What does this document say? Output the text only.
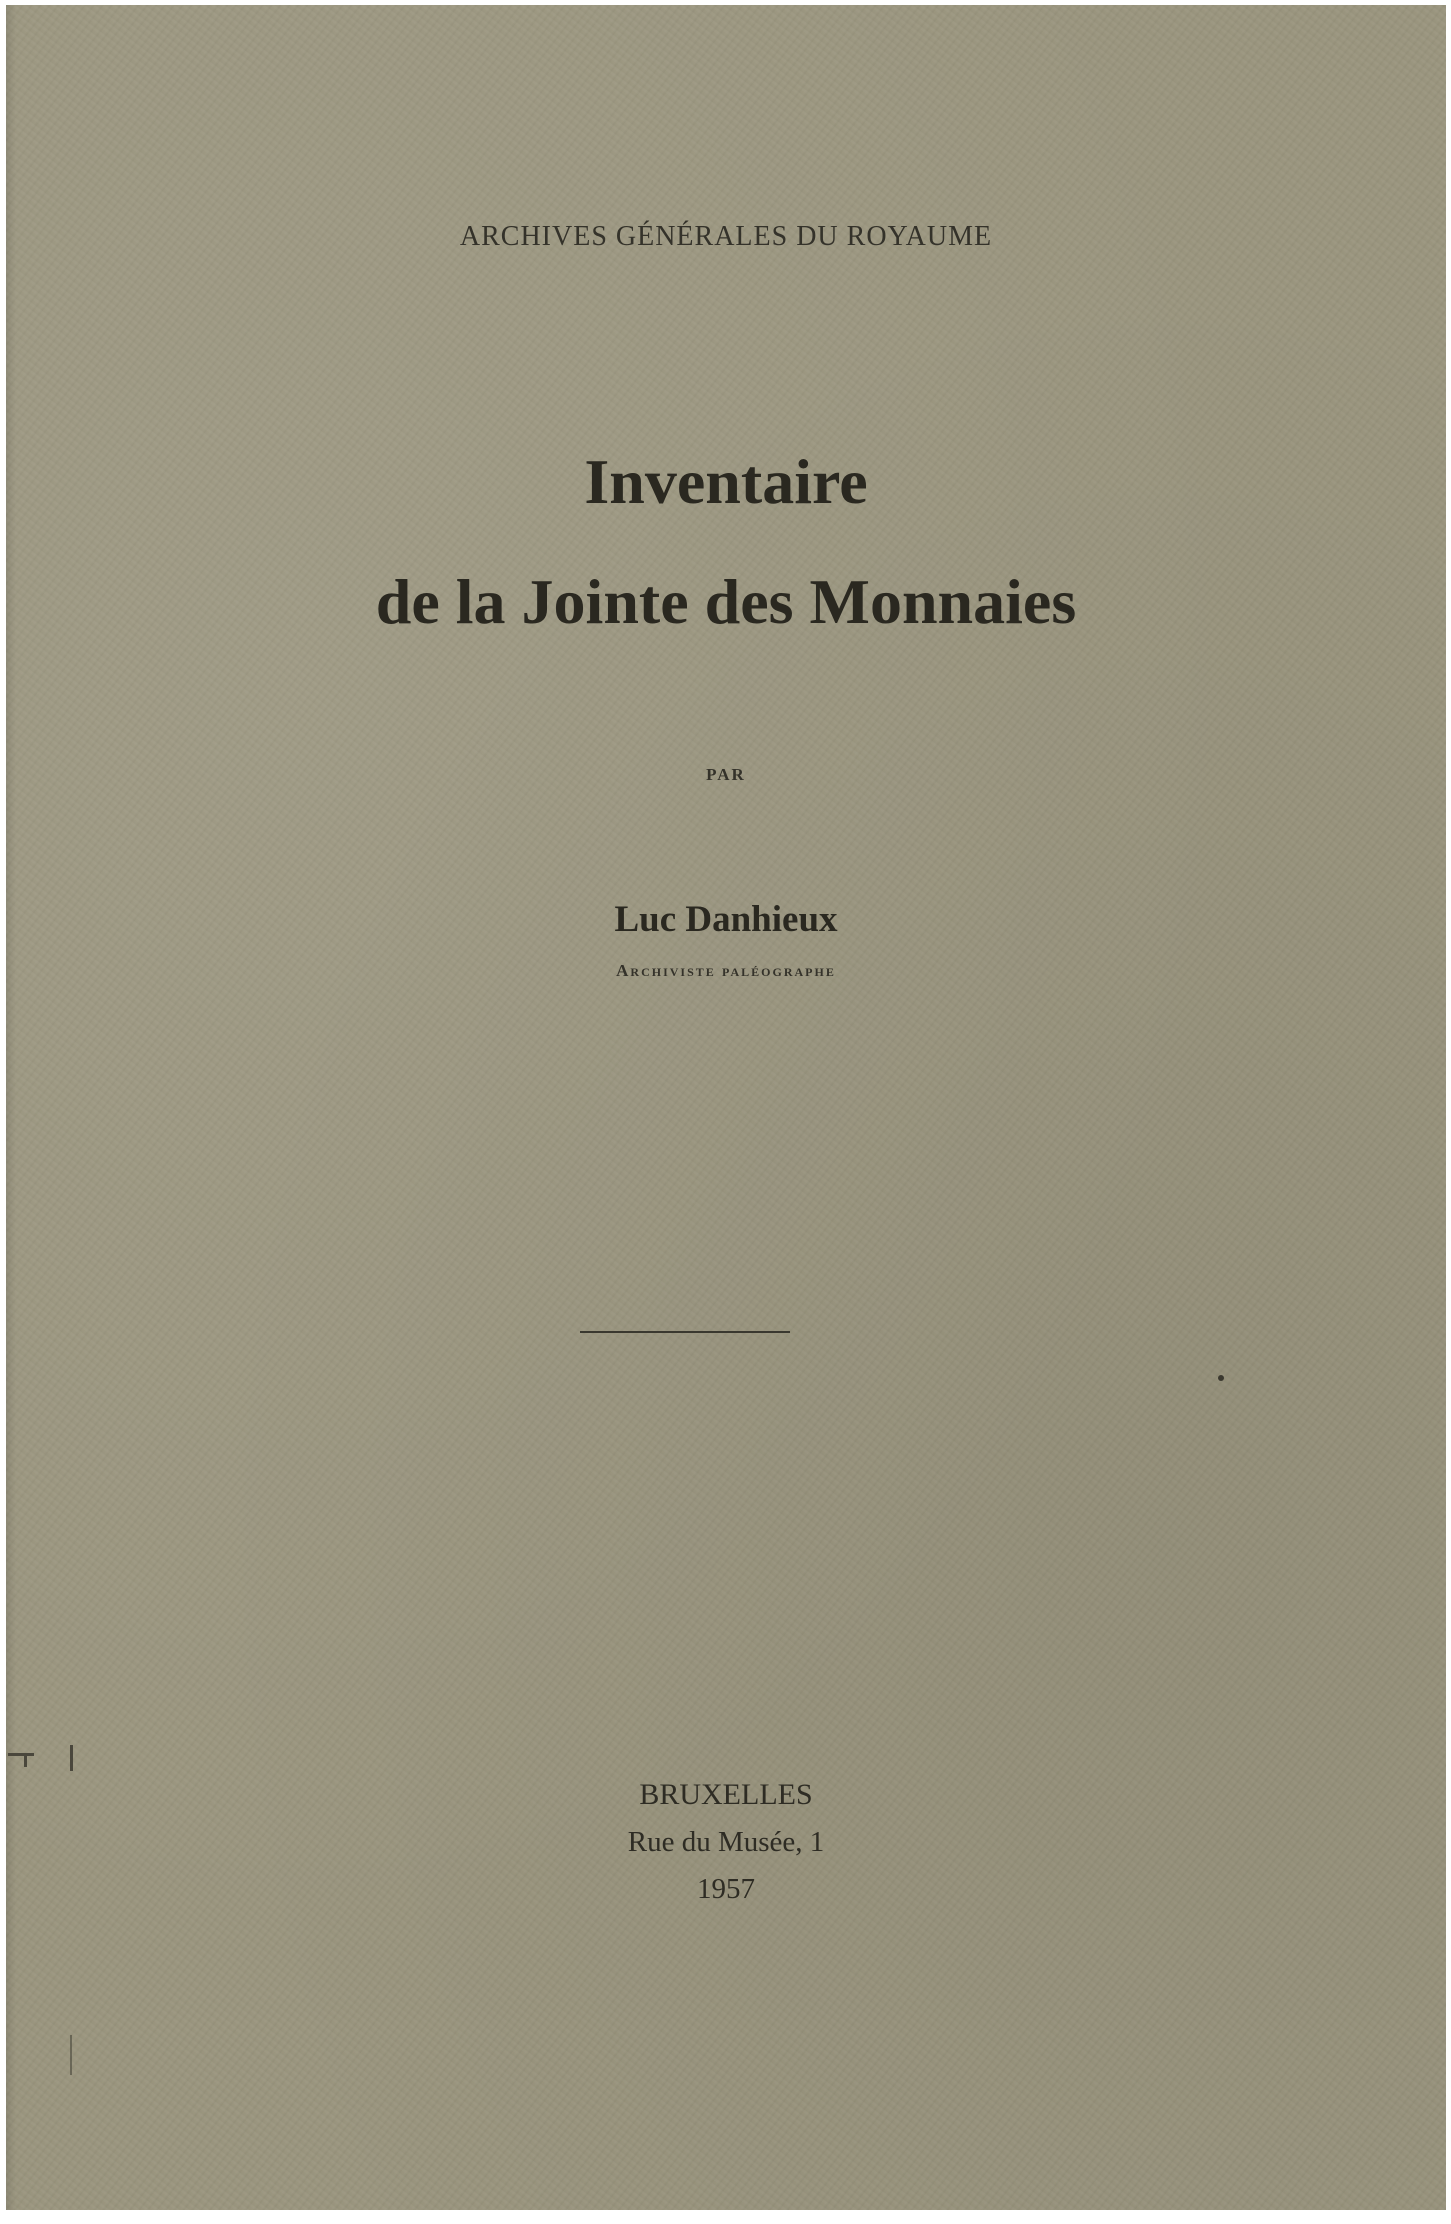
ARCHIVES GÉNÉRALES DU ROYAUME
Inventaire
de la Jointe des Monnaies
PAR
Luc Danhieux
Archiviste paléographe
BRUXELLES
Rue du Musée, 1
1957
